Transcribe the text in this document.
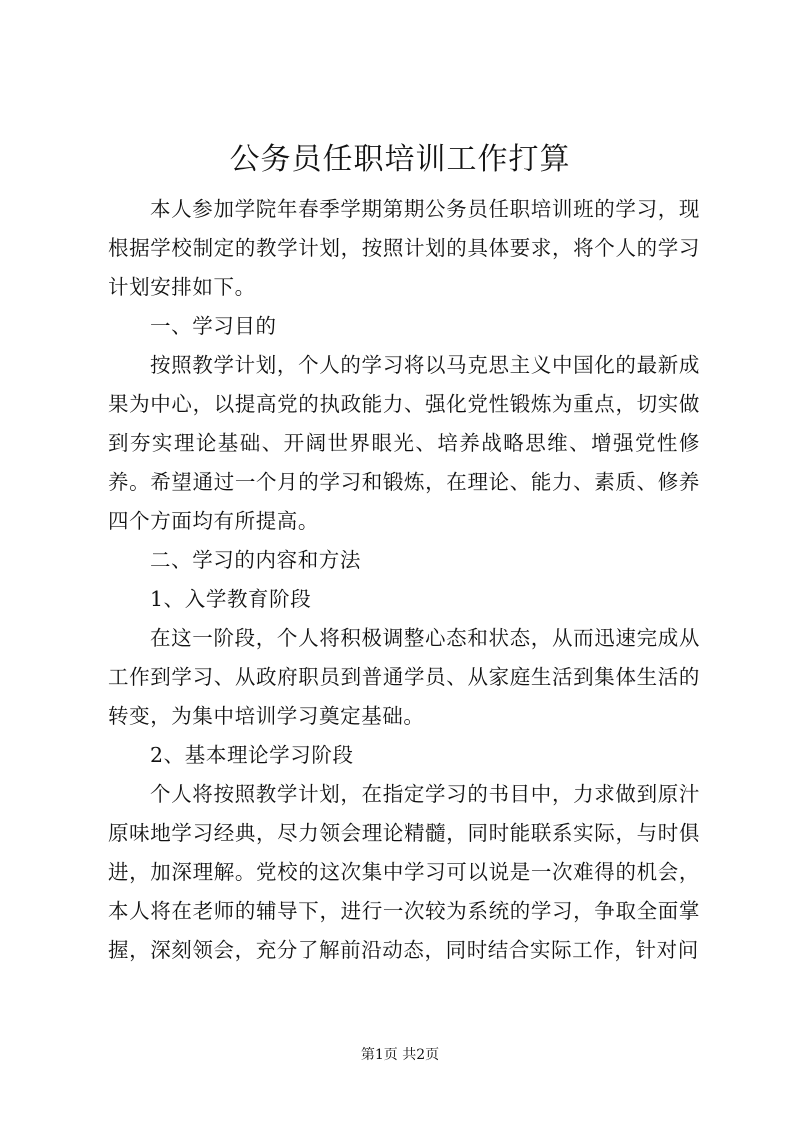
公务员任职培训工作打算

本人参加学院年春季学期第期公务员任职培训班的学习，现根据学校制定的教学计划，按照计划的具体要求，将个人的学习计划安排如下。

一、学习目的

按照教学计划，个人的学习将以马克思主义中国化的最新成果为中心，以提高党的执政能力、强化党性锻炼为重点，切实做到夯实理论基础、开阔世界眼光、培养战略思维、增强党性修养。希望通过一个月的学习和锻炼，在理论、能力、素质、修养四个方面均有所提高。

二、学习的内容和方法

1、入学教育阶段

在这一阶段，个人将积极调整心态和状态，从而迅速完成从工作到学习、从政府职员到普通学员、从家庭生活到集体生活的转变，为集中培训学习奠定基础。

2、基本理论学习阶段

个人将按照教学计划，在指定学习的书目中，力求做到原汁原味地学习经典，尽力领会理论精髓，同时能联系实际，与时俱进，加深理解。党校的这次集中学习可以说是一次难得的机会，本人将在老师的辅导下，进行一次较为系统的学习，争取全面掌握，深刻领会，充分了解前沿动态，同时结合实际工作，针对问

第1页 共2页
